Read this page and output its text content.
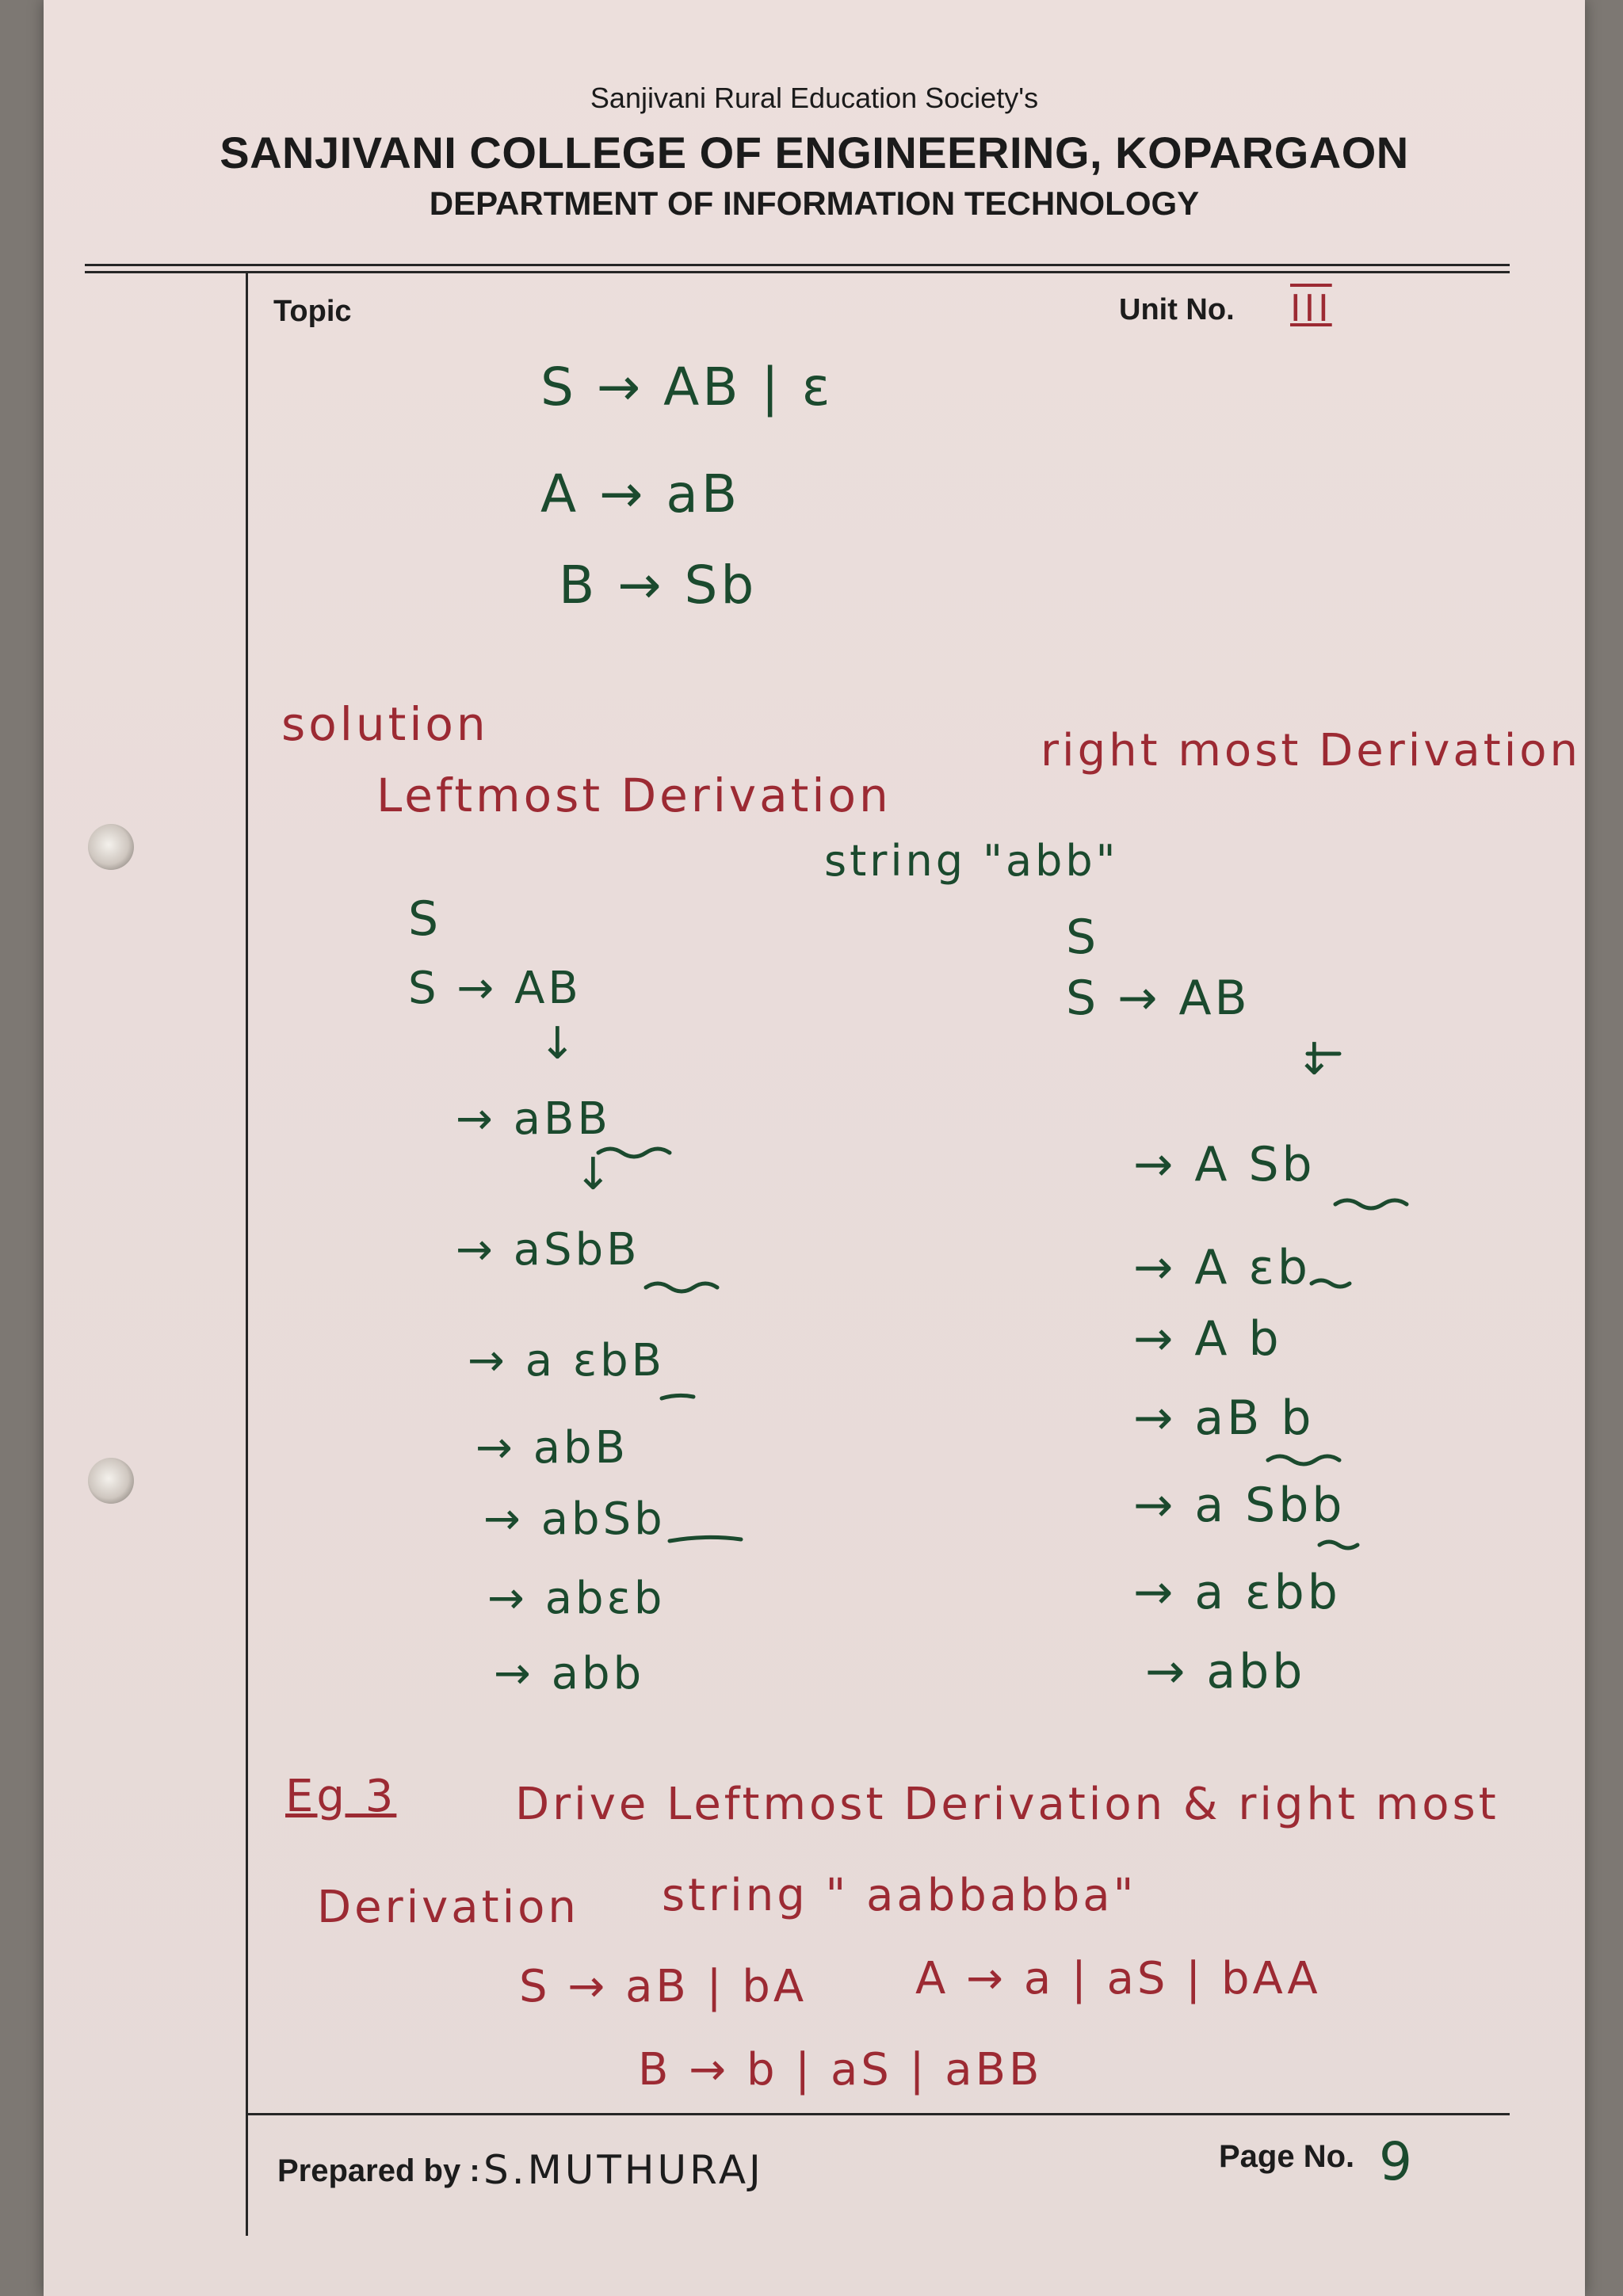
Sanjivani Rural Education Society's
SANJIVANI COLLEGE OF ENGINEERING, KOPARGAON
DEPARTMENT OF INFORMATION TECHNOLOGY
Topic	Unit No. III
S → AB | ε
A → aB
B → Sb
solution
Leftmost Derivation
right most Derivation
string "abb"
S
S → AB
↓
→ aBB
↓
→ aSbB
→ a εbB
→ abB
→ abSb
→ abεb
→ abb
S
S → AB
↓
→ A Sb
→ A εb
→ A b
→ aB b
→ a Sbb
→ a εbb
→ abb
Eg 3	Drive Leftmost Derivation & right most
Derivation string " aabbabba"
S → aB | bA A → a | aS | bAA
B → b | aS | aBB
Prepared by : S.MUTHURAJ	Page No. 9
